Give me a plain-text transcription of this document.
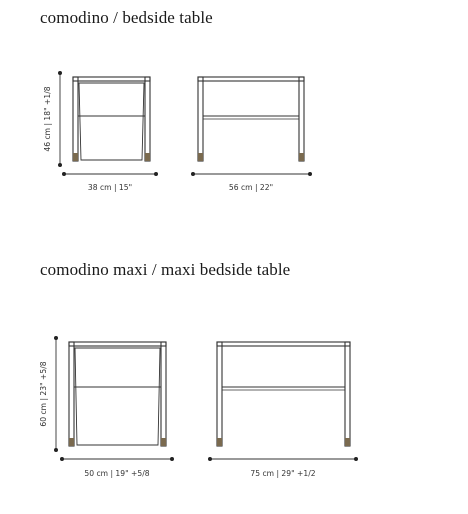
comodino / bedside table
comodino maxi / maxi bedside table
46 cm | 18" +1/8
38 cm | 15"	56 cm | 22"
60 cm | 23" +5/8
50 cm | 19" +5/8	75 cm | 29" +1/2
